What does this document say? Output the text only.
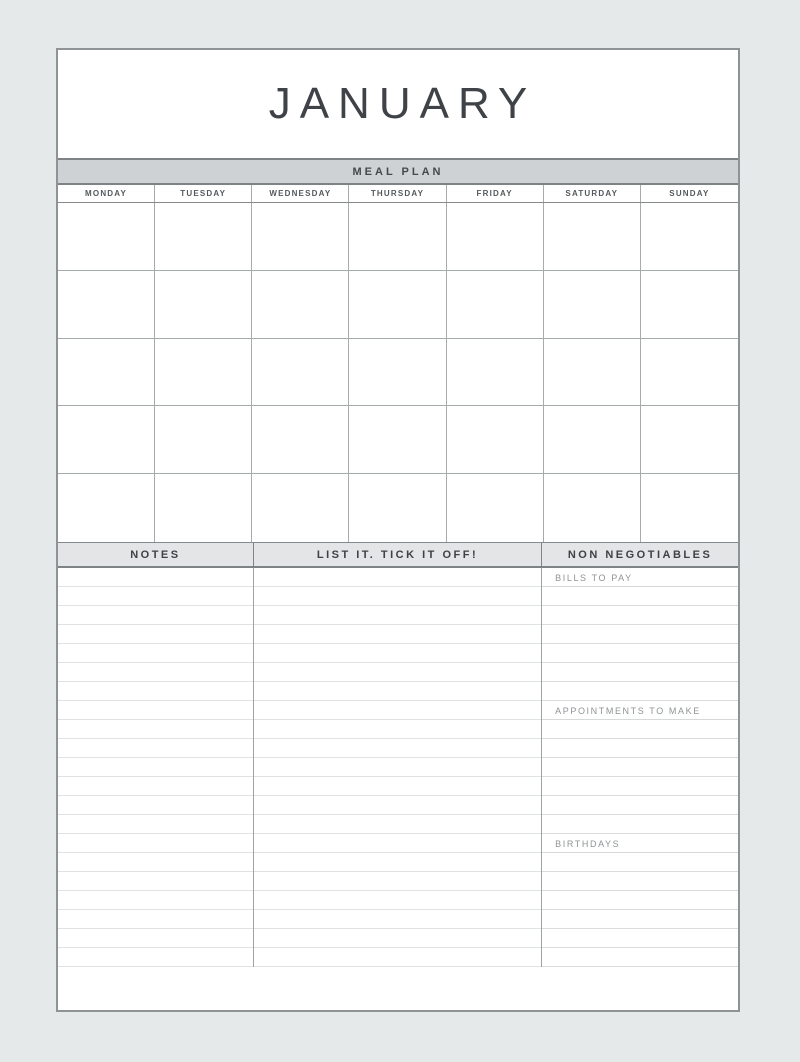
JANUARY
MEAL PLAN
MONDAY	TUESDAY	WEDNESDAY	THURSDAY	FRIDAY	SATURDAY	SUNDAY
NOTES	LIST IT. TICK IT OFF!	NON NEGOTIABLES
BILLS TO PAY
APPOINTMENTS TO MAKE
BIRTHDAYS
